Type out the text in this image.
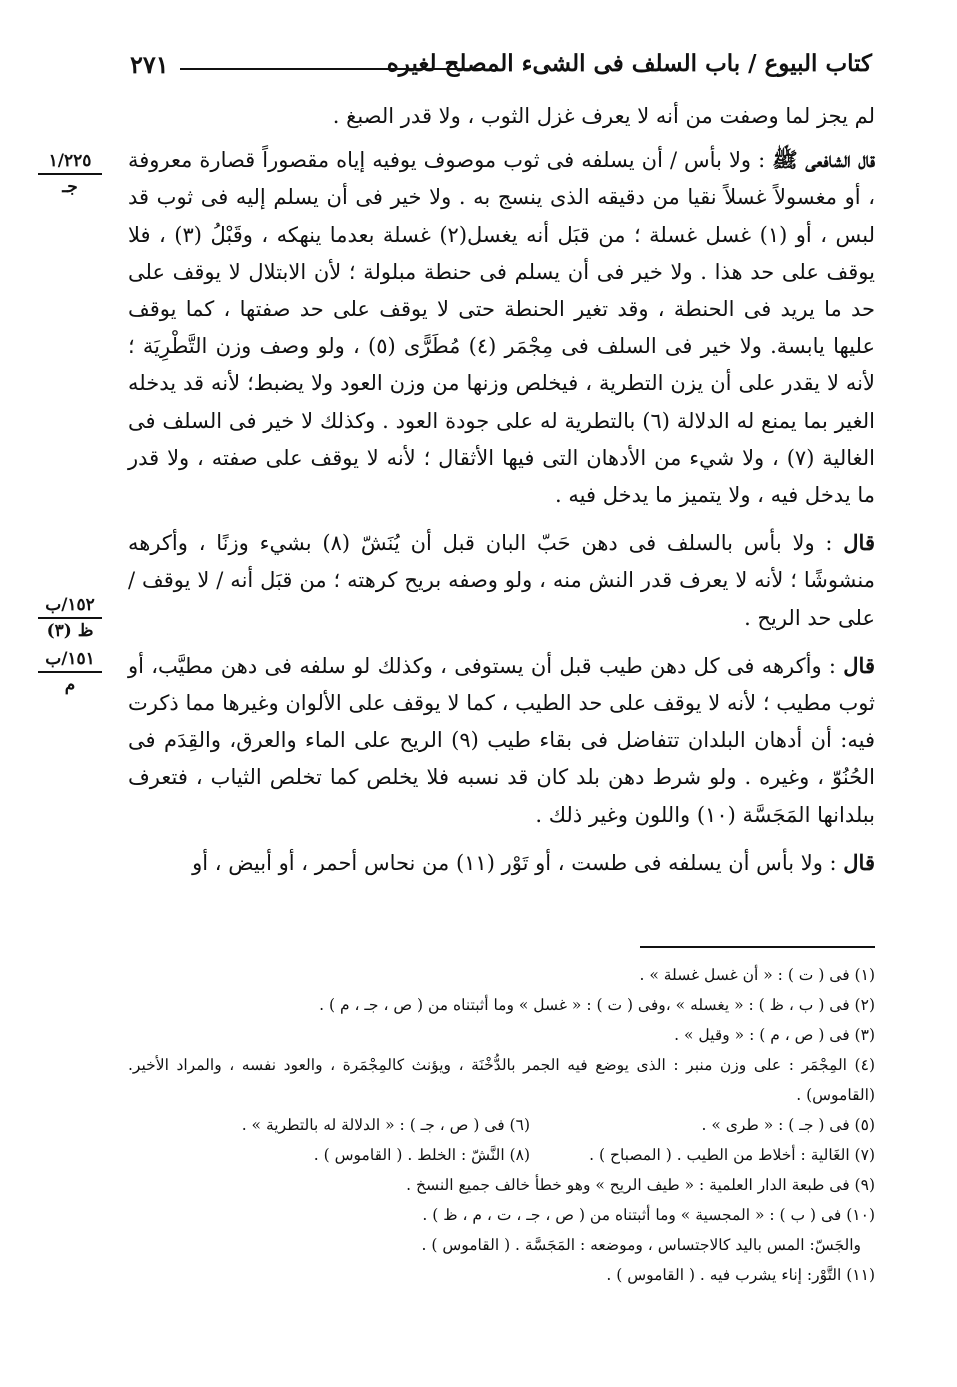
كتاب البيوع / باب السلف فى الشىء المصلح لغيره
٢٧١
١/٢٢٥
جـ
١٥٢/ب
ظ (٣)
١٥١/ب
م

لم يجز لما وصفت من أنه لا يعرف غزل الثوب ، ولا قدر الصبغ .

قال الشافعى ﷺ : ولا بأس / أن يسلفه فى ثوب موصوف يوفيه إياه مقصوراً قصارة معروفة ، أو مغسولاً غسلاً نقيا من دقيقه الذى ينسج به . ولا خير فى أن يسلم إليه فى ثوب قد لبس ، أو (١) غسل غسلة ؛ من قبَل أنه يغسل(٢) غسلة بعدما ينهكه ، وقَبْلُ (٣) ، فلا يوقف على حد هذا . ولا خير فى أن يسلم فى حنطة مبلولة ؛ لأن الابتلال لا يوقف على حد ما يريد فى الحنطة ، وقد تغير الحنطة حتى لا يوقف على حد صفتها ، كما يوقف عليها يابسة. ولا خير فى السلف فى مِجْمَر (٤) مُطَرًّى (٥) ، ولو وصف وزن التَّطْرِيَة ؛ لأنه لا يقدر على أن يزن التطرية ، فيخلص وزنها من وزن العود ولا يضبط؛ لأنه قد يدخله الغير بما يمنع له الدلالة (٦) بالتطرية له على جودة العود . وكذلك لا خير فى السلف فى الغالية (٧) ، ولا شيء من الأدهان التى فيها الأثقال ؛ لأنه لا يوقف على صفته ، ولا قدر ما يدخل فيه ، ولا يتميز ما يدخل فيه .

قال : ولا بأس بالسلف فى دهن حَبّ البان قبل أن يُنَشّ (٨) بشيء وزنًا ، وأكرهه منشوشًا ؛ لأنه لا يعرف قدر النش منه ، ولو وصفه بريح كرهته ؛ من قبَل أنه / لا يوقف / على حد الريح .

قال : وأكرهه فى كل دهن طيب قبل أن يستوفى ، وكذلك لو سلفه فى دهن مطيَّب، أو ثوب مطيب ؛ لأنه لا يوقف على حد الطيب ، كما لا يوقف على الألوان وغيرها مما ذكرت فيه: أن أدهان البلدان تتفاضل فى بقاء طيب (٩) الريح على الماء والعرق، والقِدَم فى الحُنُوّ ، وغيره . ولو شرط دهن بلد كان قد نسبه فلا يخلص كما تخلص الثياب ، فتعرف ببلدانها المَجَسَّة (١٠) واللون وغير ذلك .

قال : ولا بأس أن يسلفه فى طست ، أو تَوْر (١١) من نحاس أحمر ، أو أبيض ، أو

(١) فى ( ت ) : « أن غسل غسلة » .

(٢) فى ( ب ، ظ ) : « يغسله » ،وفى ( ت ) : « غسل » وما أثبتناه من ( ص ، جـ ، م ) .

(٣) فى ( ص ، م ) : « وقيل » .

(٤) المِجْمَر : على وزن منبر : الذى يوضع فيه الجمر بالدُّخْنَة ، ويؤنث كالمِجْمَرة ، والعود نفسه ، والمراد الأخير. (القاموس) .

(٥) فى ( جـ ) : « طرى » .
(٦) فى ( ص ، جـ ) : « الدلالة له بالتطرية » .
(٧) الغَالية : أخلاط من الطيب . ( المصباح ) .
(٨) النَّشّ : الخلط . ( القاموس ) .

(٩) فى طبعة الدار العلمية : « طيف الريح » وهو خطأ خالف جميع النسخ .

(١٠) فى ( ب ) : « المجسية » وما أثبتناه من ( ص ، جـ ، ت ، م ، ظ ) .

والجَسّ: المس باليد كالاجتساس ، وموضعه : المَجَسَّة . ( القاموس ) .

(١١) التَّوْر: إناء يشرب فيه . ( القاموس ) .
